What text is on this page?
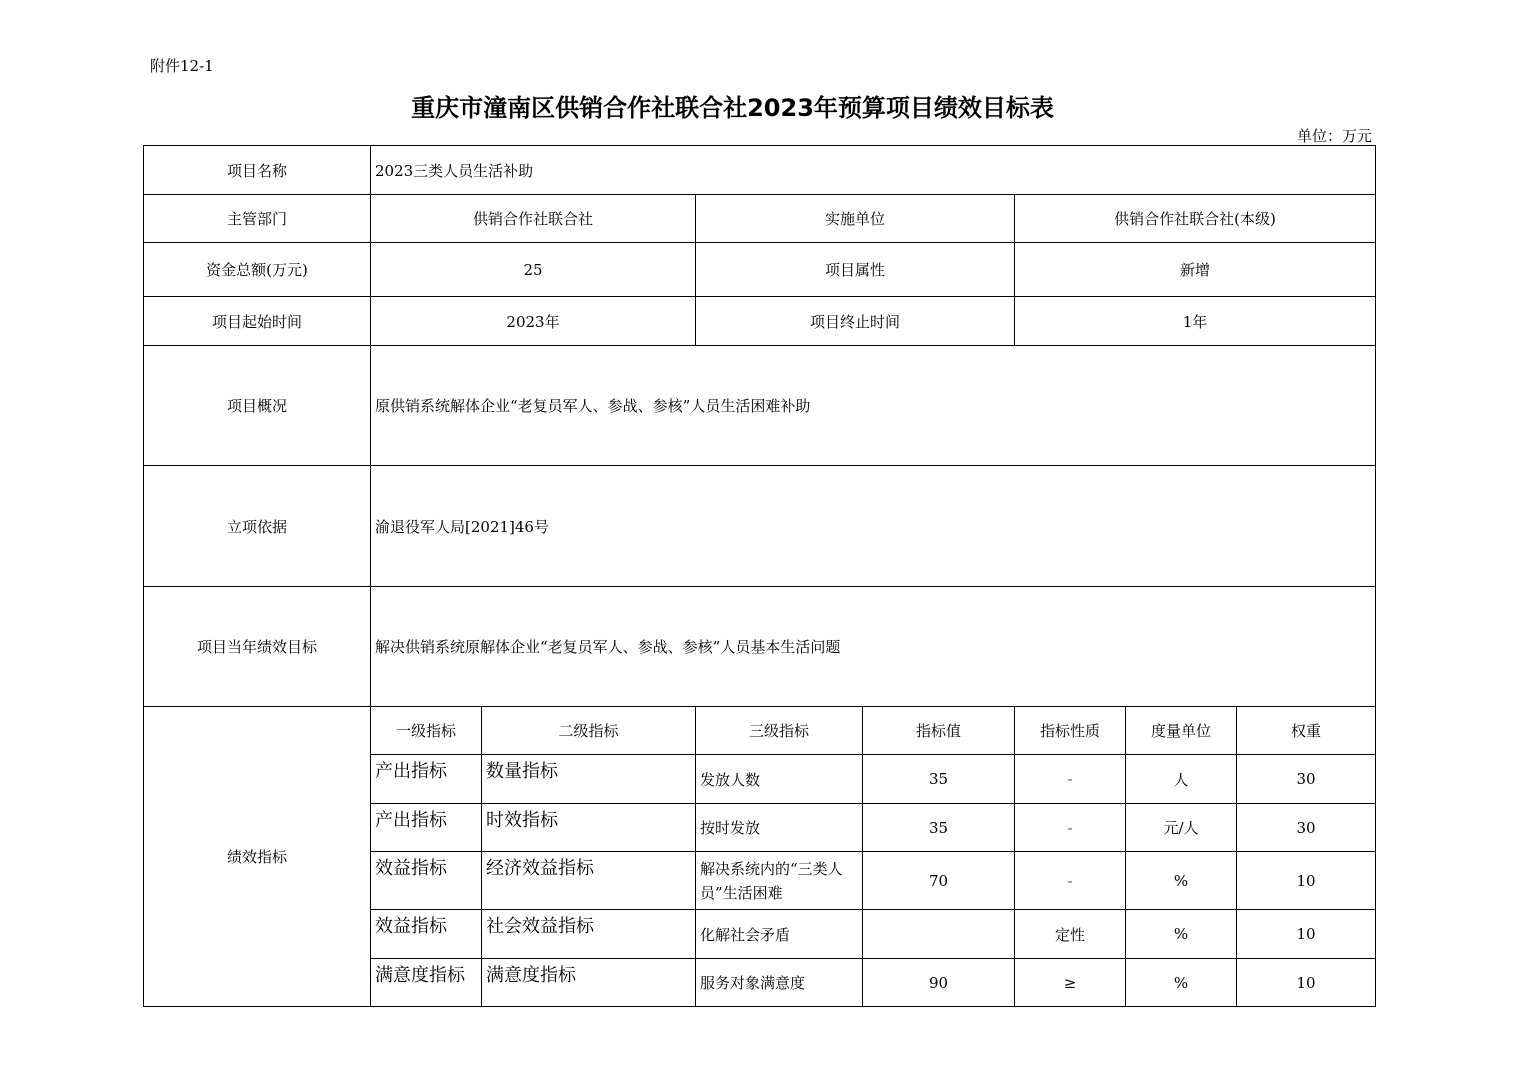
附件12-1
重庆市潼南区供销合作社联合社2023年预算项目绩效目标表
单位：万元
项目名称	2023三类人员生活补助						
主管部门	供销合作社联合社		实施单位		供销合作社联合社(本级)		
资金总额(万元)	25		项目属性		新增		
项目起始时间	2023年		项目终止时间		1年		
项目概况	原供销系统解体企业“老复员军人、参战、参核”人员生活困难补助						
立项依据	渝退役军人局[2021]46号						
项目当年绩效目标	解决供销系统原解体企业“老复员军人、参战、参核”人员基本生活问题						
绩效指标	一级指标	二级指标	三级指标	指标值	指标性质	度量单位	权重
	产出指标	数量指标	发放人数	35	-	人	30
	产出指标	时效指标	按时发放	35	-	元/人	30
	效益指标	经济效益指标	解决系统内的“三类人员”生活困难	70	-	%	10
	效益指标	社会效益指标	化解社会矛盾		定性	%	10
	满意度指标	满意度指标	服务对象满意度	90	≥	%	10
